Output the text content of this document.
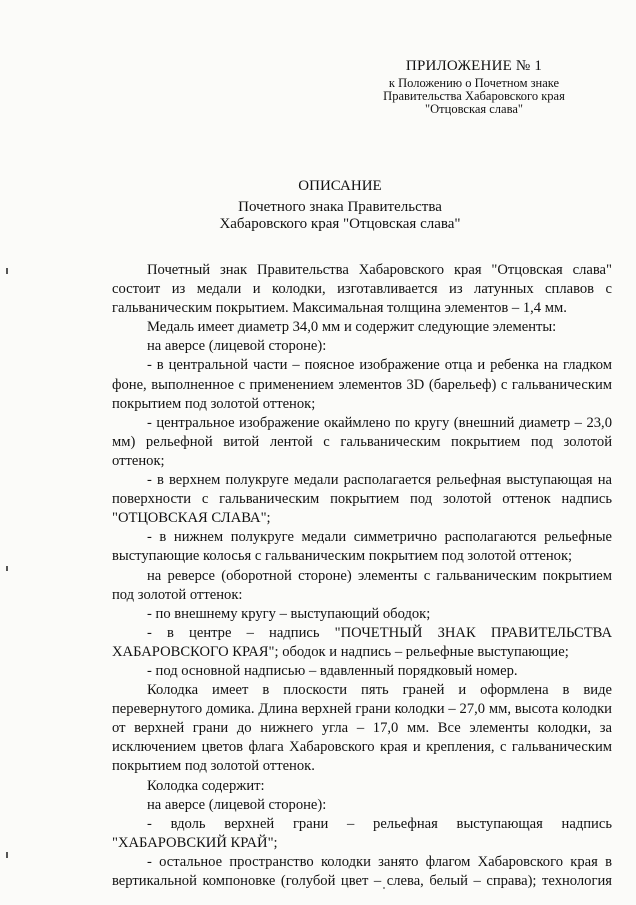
ПРИЛОЖЕНИЕ № 1
к Положению о Почетном знаке
Правительства Хабаровского края
"Отцовская слава"
ОПИСАНИЕ
Почетного знака Правительства
Хабаровского края "Отцовская слава"

Почетный знак Правительства Хабаровского края "Отцовская слава" состоит из медали и колодки, изготавливается из латунных сплавов с гальваническим покрытием. Максимальная толщина элементов – 1,4 мм.

Медаль имеет диаметр 34,0 мм и содержит следующие элементы:

на аверсе (лицевой стороне):

- в центральной части – поясное изображение отца и ребенка на гладком фоне, выполненное с применением элементов 3D (барельеф) с гальваническим покрытием под золотой оттенок;

- центральное изображение окаймлено по кругу (внешний диаметр – 23,0 мм) рельефной витой лентой с гальваническим покрытием под золотой оттенок;

- в верхнем полукруге медали располагается рельефная выступающая на поверхности с гальваническим покрытием под золотой оттенок надпись "ОТЦОВСКАЯ СЛАВА";

- в нижнем полукруге медали симметрично располагаются рельефные выступающие колосья с гальваническим покрытием под золотой оттенок;

на реверсе (оборотной стороне) элементы с гальваническим покрытием под золотой оттенок:

- по внешнему кругу – выступающий ободок;

- в центре – надпись "ПОЧЕТНЫЙ ЗНАК ПРАВИТЕЛЬСТВА ХАБАРОВСКОГО КРАЯ"; ободок и надпись – рельефные выступающие;

- под основной надписью – вдавленный порядковый номер.

Колодка имеет в плоскости пять граней и оформлена в виде перевернутого домика. Длина верхней грани колодки – 27,0 мм, высота колодки от верхней грани до нижнего угла – 17,0 мм. Все элементы колодки, за исключением цветов флага Хабаровского края и крепления, с гальваническим покрытием под золотой оттенок.

Колодка содержит:

на аверсе (лицевой стороне):

- вдоль верхней грани – рельефная выступающая надпись "ХАБАРОВСКИЙ КРАЙ";

- остальное пространство колодки занято флагом Хабаровского края в вертикальной компоновке (голубой цвет – слева, белый – справа); технология
